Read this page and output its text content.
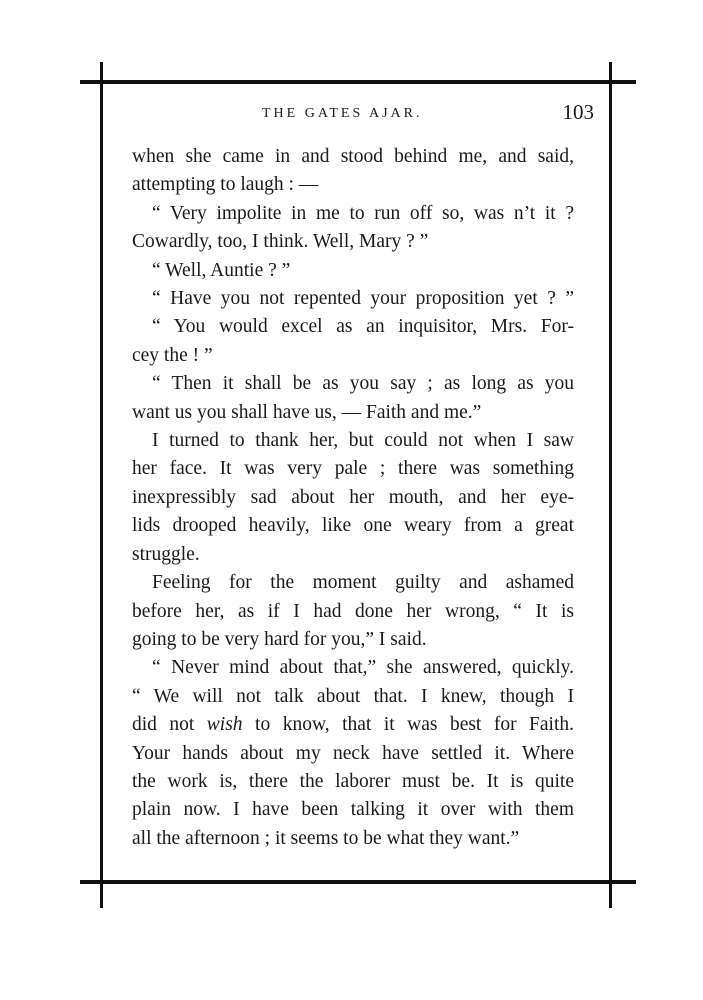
THE GATES AJAR.	103

when she came in and stood behind me, and said,

attempting to laugh : —

“ Very impolite in me to run off so, was n’t it ?

Cowardly, too, I think. Well, Mary ? ”

“ Well, Auntie ? ”

“ Have you not repented your proposition yet ? ”

“ You would excel as an inquisitor, Mrs. For-

cey the ! ”

“ Then it shall be as you say ; as long as you

want us you shall have us, — Faith and me.”

I turned to thank her, but could not when I saw

her face. It was very pale ; there was something

inexpressibly sad about her mouth, and her eye-

lids drooped heavily, like one weary from a great

struggle.

Feeling for the moment guilty and ashamed

before her, as if I had done her wrong, “ It is

going to be very hard for you,” I said.

“ Never mind about that,” she answered, quickly.

“ We will not talk about that. I knew, though I

did not wish to know, that it was best for Faith.

Your hands about my neck have settled it. Where

the work is, there the laborer must be. It is quite

plain now. I have been talking it over with them

all the afternoon ; it seems to be what they want.”
